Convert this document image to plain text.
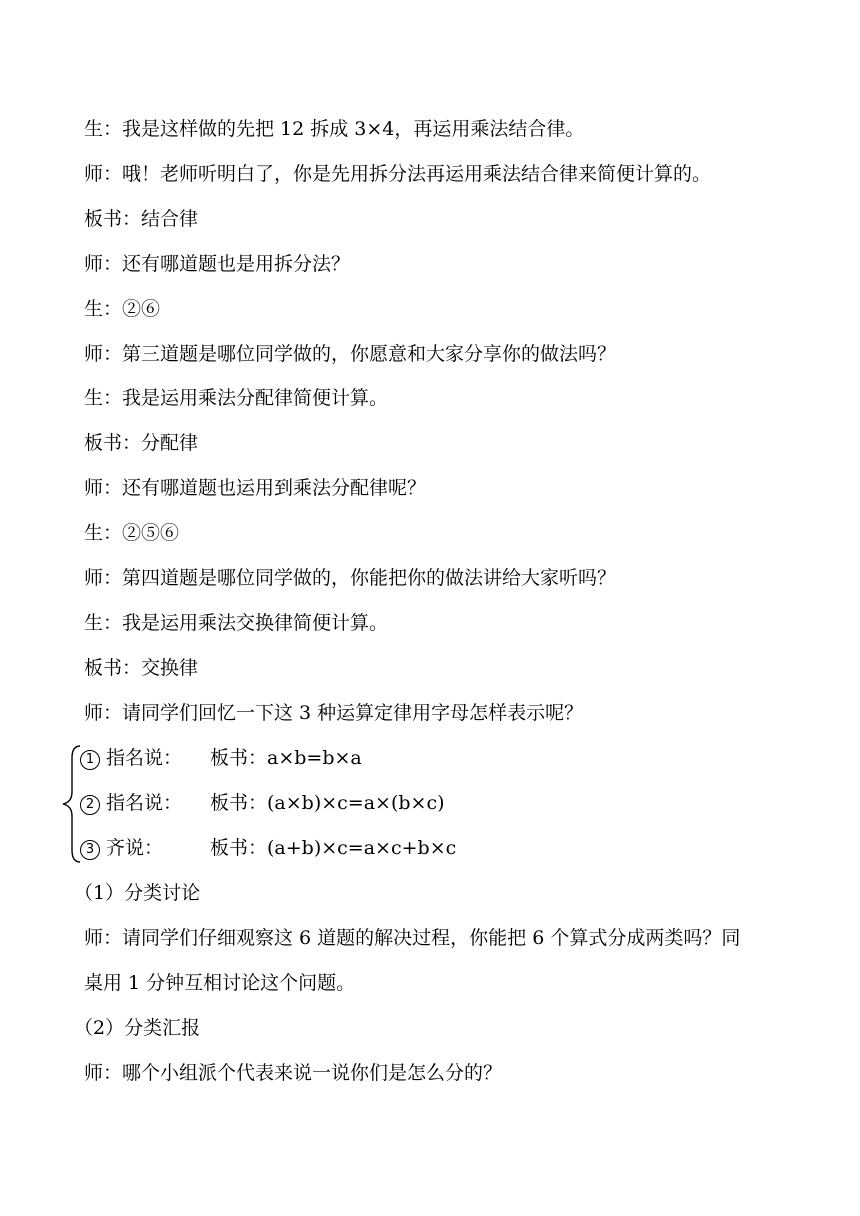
生：我是这样做的先把 12 拆成 3×4，再运用乘法结合律。
师：哦！老师听明白了，你是先用拆分法再运用乘法结合律来简便计算的。
板书：结合律
师：还有哪道题也是用拆分法？
生：②⑥
师：第三道题是哪位同学做的，你愿意和大家分享你的做法吗？
生：我是运用乘法分配律简便计算。
板书：分配律
师：还有哪道题也运用到乘法分配律呢？
生：②⑤⑥
师：第四道题是哪位同学做的，你能把你的做法讲给大家听吗？
生：我是运用乘法交换律简便计算。
板书：交换律
师：请同学们回忆一下这 3 种运算定律用字母怎样表示呢？
1 指名说： 板书：a×b=b×a
2 指名说： 板书：(a×b)×c=a×(b×c)
3 齐说： 板书：(a+b)×c=a×c+b×c
（1）分类讨论
师：请同学们仔细观察这 6 道题的解决过程，你能把 6 个算式分成两类吗？同
桌用 1 分钟互相讨论这个问题。
（2）分类汇报
师：哪个小组派个代表来说一说你们是怎么分的？
